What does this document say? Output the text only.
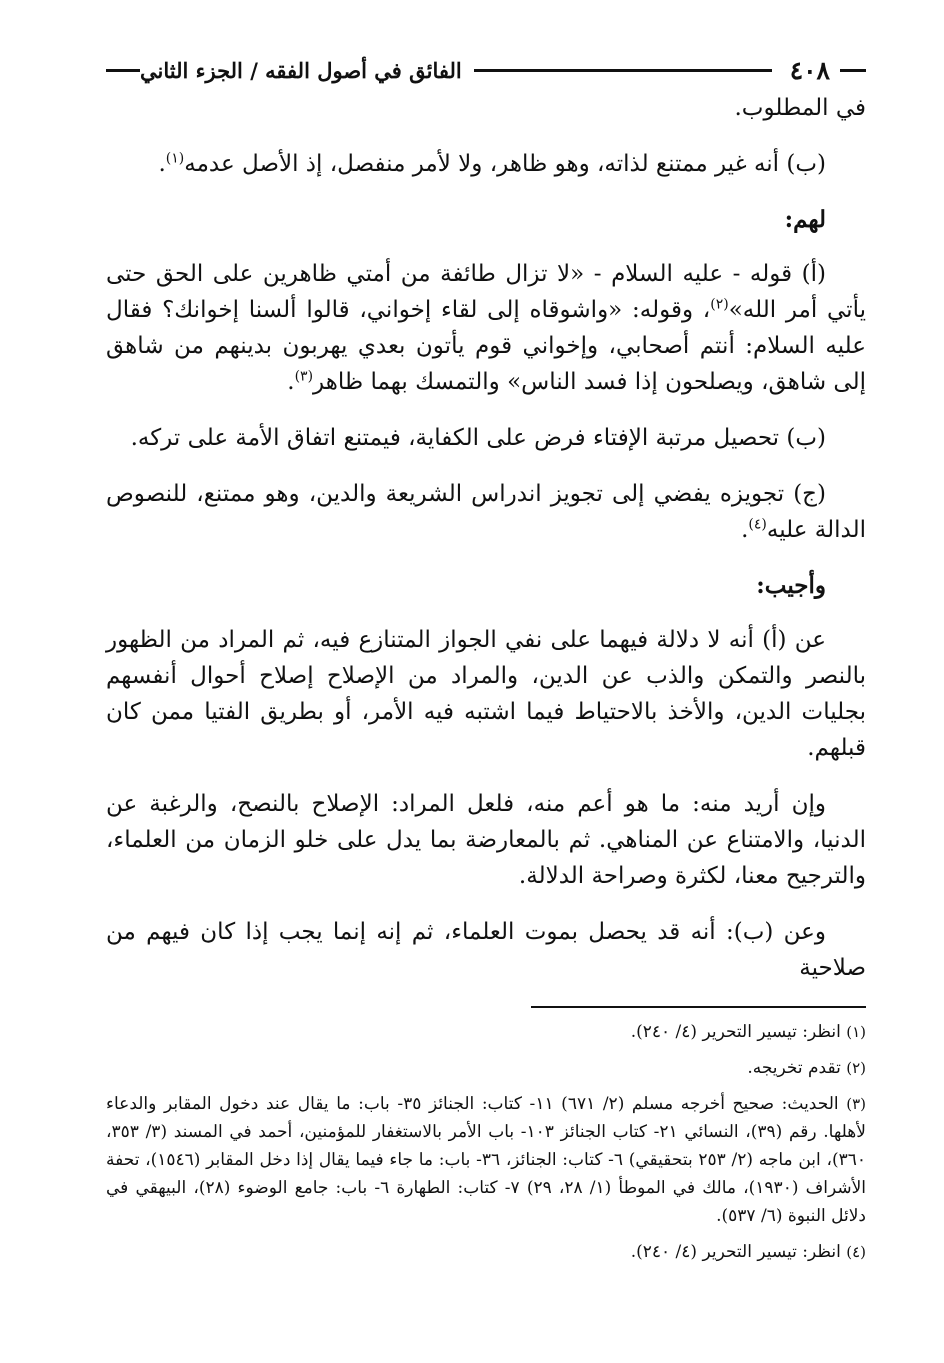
٤٠٨
الفائق في أصول الفقه / الجزء الثاني

في المطلوب.

(ب) أنه غير ممتنع لذاته، وهو ظاهر، ولا لأمر منفصل، إذ الأصل عدمه$^{(١)}$.

لهم:

(أ) قوله - عليه السلام - «لا تزال طائفة من أمتي ظاهرين على الحق حتى يأتي أمر الله»$^{(٢)}$، وقوله: «واشوقاه إلى لقاء إخواني، قالوا ألسنا إخوانك؟ فقال عليه السلام: أنتم أصحابي، وإخواني قوم يأتون بعدي يهربون بدينهم من شاهق إلى شاهق، ويصلحون إذا فسد الناس» والتمسك بهما ظاهر$^{(٣)}$.

(ب) تحصيل مرتبة الإفتاء فرض على الكفاية، فيمتنع اتفاق الأمة على تركه.

(ج) تجويزه يفضي إلى تجويز اندراس الشريعة والدين، وهو ممتنع، للنصوص الدالة عليه$^{(٤)}$.

وأجيب:

عن (أ) أنه لا دلالة فيهما على نفي الجواز المتنازع فيه، ثم المراد من الظهور بالنصر والتمكن والذب عن الدين، والمراد من الإصلاح إصلاح أحوال أنفسهم بجليات الدين، والأخذ بالاحتياط فيما اشتبه فيه الأمر، أو بطريق الفتيا ممن كان قبلهم.

وإن أريد منه: ما هو أعم منه، فلعل المراد: الإصلاح بالنصح، والرغبة عن الدنيا، والامتناع عن المناهي. ثم بالمعارضة بما يدل على خلو الزمان من العلماء، والترجيح معنا، لكثرة وصراحة الدلالة.

وعن (ب): أنه قد يحصل بموت العلماء، ثم إنه إنما يجب إذا كان فيهم من صلاحية

(١) انظر: تيسير التحرير (٤/ ٢٤٠).
(٢) تقدم تخريجه.
(٣) الحديث: صحيح أخرجه مسلم (٢/ ٦٧١) ١١- كتاب: الجنائز ٣٥- باب: ما يقال عند دخول المقابر والدعاء لأهلها. رقم (٣٩)، النسائي ٢١- كتاب الجنائز ١٠٣- باب الأمر بالاستغفار للمؤمنين، أحمد في المسند (٣/ ٣٥٣، ٣٦٠)، ابن ماجه (٢/ ٢٥٣ بتحقيقي) ٦- كتاب: الجنائز، ٣٦- باب: ما جاء فيما يقال إذا دخل المقابر (١٥٤٦)، تحفة الأشراف (١٩٣٠)، مالك في الموطأ (١/ ٢٨، ٢٩) ٧- كتاب: الطهارة ٦- باب: جامع الوضوء (٢٨)، البيهقي في دلائل النبوة (٦/ ٥٣٧).
(٤) انظر: تيسير التحرير (٤/ ٢٤٠).
